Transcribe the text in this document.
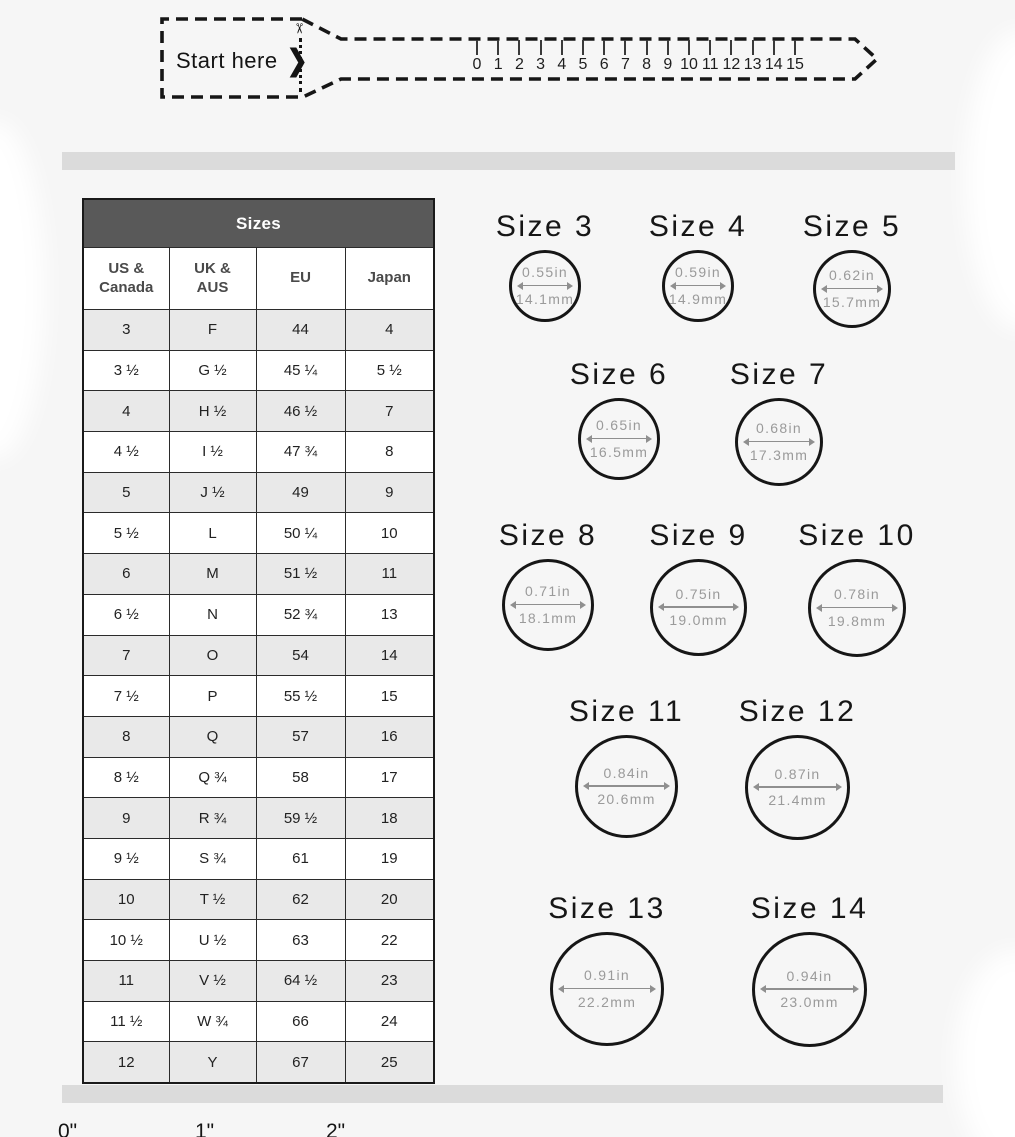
Start here ❯
✂
0 1 2 3 4 5 6 7 8 9 10 11 12 13 14 15
Sizes			
US & Canada	UK & AUS	EU	Japan
3	F	44	4
3 ½	G ½	45 ¼	5 ½
4	H ½	46 ½	7
4 ½	I ½	47 ¾	8
5	J ½	49	9
5 ½	L	50 ¼	10
6	M	51 ½	11
6 ½	N	52 ¾	13
7	O	54	14
7 ½	P	55 ½	15
8	Q	57	16
8 ½	Q ¾	58	17
9	R ¾	59 ½	18
9 ½	S ¾	61	19
10	T ½	62	20
10 ½	U ½	63	22
11	V ½	64 ½	23
11 ½	W ¾	66	24
12	Y	67	25
Size 3
0.55in
14.1mm
Size 4
0.59in
14.9mm
Size 5
0.62in
15.7mm
Size 6
0.65in
16.5mm
Size 7
0.68in
17.3mm
Size 8
0.71in
18.1mm
Size 9
0.75in
19.0mm
Size 10
0.78in
19.8mm
Size 11
0.84in
20.6mm
Size 12
0.87in
21.4mm
Size 13
0.91in
22.2mm
Size 14
0.94in
23.0mm
0"	1"	2"
